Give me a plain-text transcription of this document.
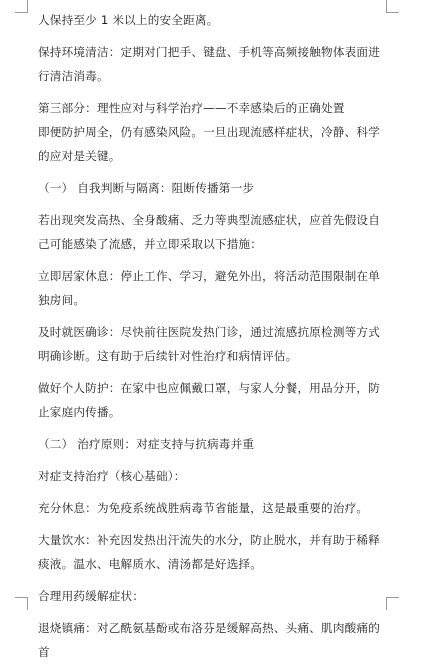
人保持至少 1 米以上的安全距离。

保持环境清洁：定期对门把手、键盘、手机等高频接触物体表面进行清洁消毒。

第三部分：理性应对与科学治疗——不幸感染后的正确处置

即便防护周全，仍有感染风险。一旦出现流感样症状，冷静、科学的应对是关键。

（一） 自我判断与隔离：阻断传播第一步

若出现突发高热、全身酸痛、乏力等典型流感症状，应首先假设自己可能感染了流感，并立即采取以下措施：

立即居家休息：停止工作、学习，避免外出，将活动范围限制在单独房间。

及时就医确诊：尽快前往医院发热门诊，通过流感抗原检测等方式明确诊断。这有助于后续针对性治疗和病情评估。

做好个人防护：在家中也应佩戴口罩，与家人分餐，用品分开，防止家庭内传播。

（二） 治疗原则：对症支持与抗病毒并重

对症支持治疗（核心基础）：

充分休息：为免疫系统战胜病毒节省能量，这是最重要的治疗。

大量饮水：补充因发热出汗流失的水分，防止脱水，并有助于稀释痰液。温水、电解质水、清汤都是好选择。

合理用药缓解症状：

退烧镇痛：对乙酰氨基酚或布洛芬是缓解高热、头痛、肌肉酸痛的首
